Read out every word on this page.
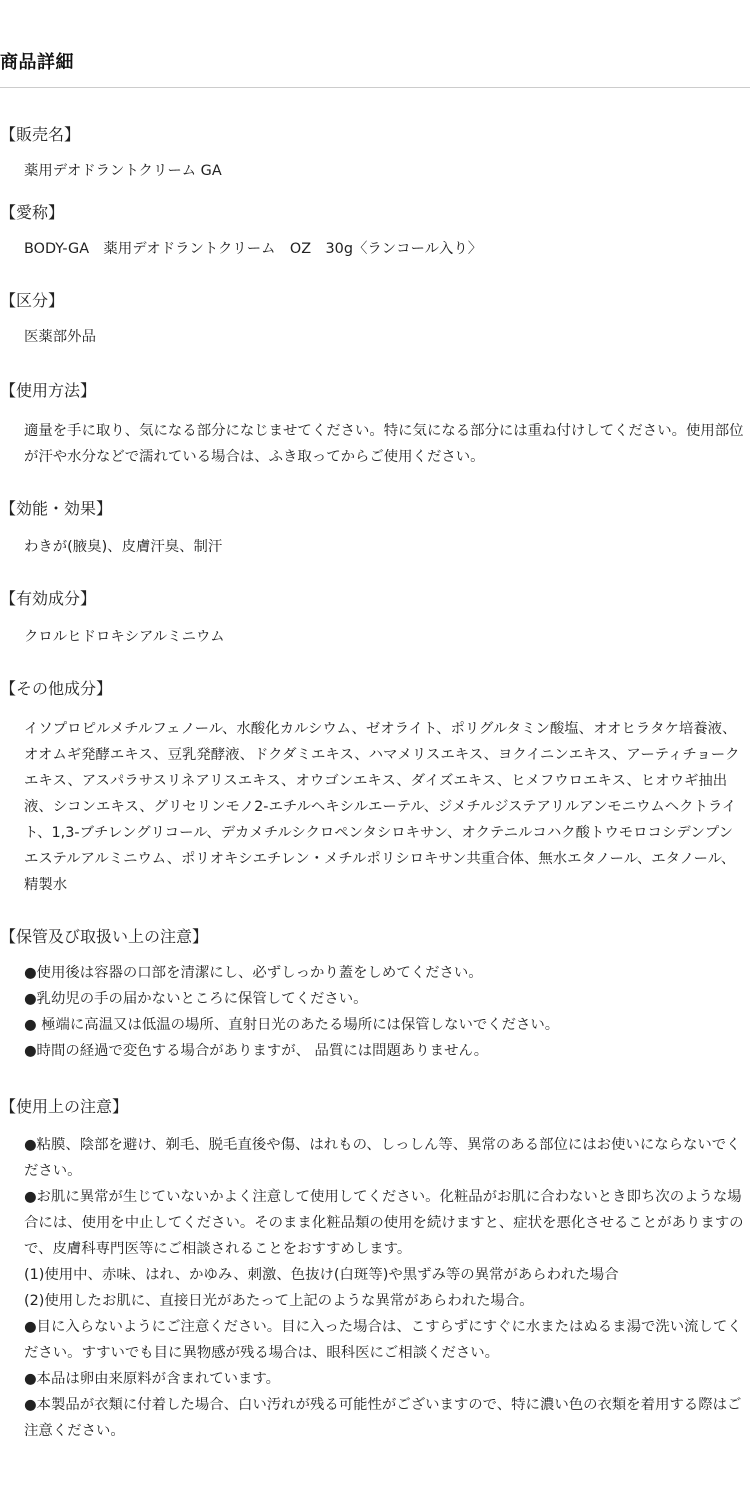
商品詳細
【販売名】

薬用デオドラントクリーム GA

【愛称】

BODY-GA　薬用デオドラントクリーム　OZ　30g〈ランコール入り〉

【区分】

医薬部外品

【使用方法】

適量を手に取り、気になる部分になじませてください。特に気になる部分には重ね付けしてください。使用部位が汗や水分などで濡れている場合は、ふき取ってからご使用ください。

【効能・効果】

わきが(腋臭)、皮膚汗臭、制汗

【有効成分】

クロルヒドロキシアルミニウム

【その他成分】

イソプロピルメチルフェノール、水酸化カルシウム、ゼオライト、ポリグルタミン酸塩、オオヒラタケ培養液、オオムギ発酵エキス、豆乳発酵液、ドクダミエキス、ハマメリスエキス、ヨクイニンエキス、アーティチョークエキス、アスパラサスリネアリスエキス、オウゴンエキス、ダイズエキス、ヒメフウロエキス、ヒオウギ抽出液、シコンエキス、グリセリンモノ2-エチルヘキシルエーテル、ジメチルジステアリルアンモニウムヘクトライト、1,3-ブチレングリコール、デカメチルシクロペンタシロキサン、オクテニルコハク酸トウモロコシデンプンエステルアルミニウム、ポリオキシエチレン・メチルポリシロキサン共重合体、無水エタノール、エタノール、精製水

【保管及び取扱い上の注意】

●使用後は容器の口部を清潔にし、必ずしっかり蓋をしめてください。

●乳幼児の手の届かないところに保管してください。

● 極端に高温又は低温の場所、直射日光のあたる場所には保管しないでください。

●時間の経過で変色する場合がありますが、 品質には問題ありません。

【使用上の注意】

●粘膜、陰部を避け、剃毛、脱毛直後や傷、はれもの、しっしん等、異常のある部位にはお使いにならないでください。

●お肌に異常が生じていないかよく注意して使用してください。化粧品がお肌に合わないとき即ち次のような場合には、使用を中止してください。そのまま化粧品類の使用を続けますと、症状を悪化させることがありますので、皮膚科専門医等にご相談されることをおすすめします。

(1)使用中、赤味、はれ、かゆみ、刺激、色抜け(白斑等)や黒ずみ等の異常があらわれた場合

(2)使用したお肌に、直接日光があたって上記のような異常があらわれた場合。

●目に入らないようにご注意ください。目に入った場合は、こすらずにすぐに水またはぬるま湯で洗い流してください。すすいでも目に異物感が残る場合は、眼科医にご相談ください。

●本品は卵由来原料が含まれています。

●本製品が衣類に付着した場合、白い汚れが残る可能性がございますので、特に濃い色の衣類を着用する際はご注意ください。
